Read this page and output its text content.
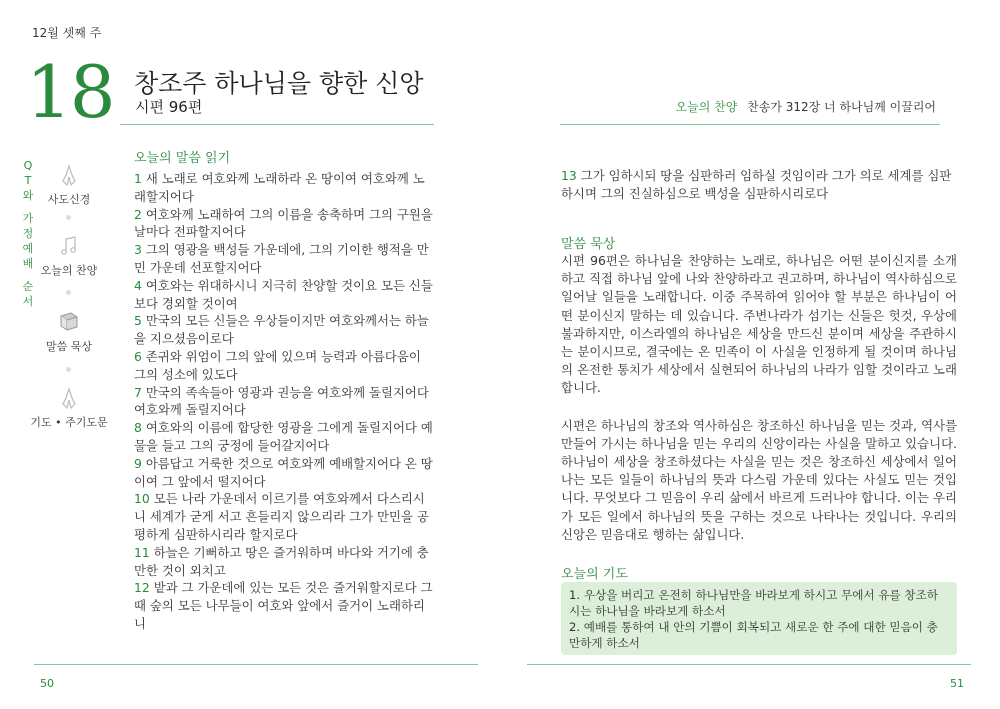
12월 셋째 주
18 창조주 하나님을 향한 신앙
시편 96편	오늘의 찬양 찬송가 312장 너 하나님께 이끌리어
Q
T
와
가
정
예
배
순
서
사도신경
오늘의 찬양
말씀 묵상
기도 • 주기도문
오늘의 말씀 읽기
1 새 노래로 여호와께 노래하라 온 땅이여 여호와께 노래할지어다
2 여호와께 노래하여 그의 이름을 송축하며 그의 구원을 날마다 전파할지어다
3 그의 영광을 백성들 가운데에, 그의 기이한 행적을 만민 가운데 선포할지어다
4 여호와는 위대하시니 지극히 찬양할 것이요 모든 신들보다 경외할 것이여
5 만국의 모든 신들은 우상들이지만 여호와께서는 하늘을 지으셨음이로다
6 존귀와 위엄이 그의 앞에 있으며 능력과 아름다움이 그의 성소에 있도다
7 만국의 족속들아 영광과 권능을 여호와께 돌릴지어다 여호와께 돌릴지어다
8 여호와의 이름에 합당한 영광을 그에게 돌릴지어다 예물을 들고 그의 궁정에 들어갈지어다
9 아름답고 거룩한 것으로 여호와께 예배할지어다 온 땅이여 그 앞에서 떨지어다
10 모든 나라 가운데서 이르기를 여호와께서 다스리시니 세계가 굳게 서고 흔들리지 않으리라 그가 만민을 공평하게 심판하시리라 할지로다
11 하늘은 기뻐하고 땅은 즐거워하며 바다와 거기에 충만한 것이 외치고
12 밭과 그 가운데에 있는 모든 것은 즐거워할지로다 그 때 숲의 모든 나무들이 여호와 앞에서 즐거이 노래하리니
13 그가 임하시되 땅을 심판하러 임하실 것임이라 그가 의로 세계를 심판하시며 그의 진실하심으로 백성을 심판하시리로다
말씀 묵상

시편 96편은 하나님을 찬양하는 노래로, 하나님은 어떤 분이신지를 소개하고 직접 하나님 앞에 나와 찬양하라고 권고하며, 하나님이 역사하심으로 일어날 일들을 노래합니다. 이중 주목하여 읽어야 할 부분은 하나님이 어떤 분이신지 말하는 데 있습니다. 주변나라가 섬기는 신들은 헛것, 우상에 불과하지만, 이스라엘의 하나님은 세상을 만드신 분이며 세상을 주관하시는 분이시므로, 결국에는 온 민족이 이 사실을 인정하게 될 것이며 하나님의 온전한 통치가 세상에서 실현되어 하나님의 나라가 임할 것이라고 노래합니다.

시편은 하나님의 창조와 역사하심은 창조하신 하나님을 믿는 것과, 역사를 만들어 가시는 하나님을 믿는 우리의 신앙이라는 사실을 말하고 있습니다. 하나님이 세상을 창조하셨다는 사실을 믿는 것은 창조하신 세상에서 일어나는 모든 일들이 하나님의 뜻과 다스림 가운데 있다는 사실도 믿는 것입니다. 무엇보다 그 믿음이 우리 삶에서 바르게 드러나야 합니다. 이는 우리가 모든 일에서 하나님의 뜻을 구하는 것으로 나타나는 것입니다. 우리의 신앙은 믿음대로 행하는 삶입니다.

오늘의 기도
1. 우상을 버리고 온전히 하나님만을 바라보게 하시고 무에서 유를 창조하시는 하나님을 바라보게 하소서
2. 예배를 통하여 내 안의 기쁨이 회복되고 새로운 한 주에 대한 믿음이 충만하게 하소서
50	51
